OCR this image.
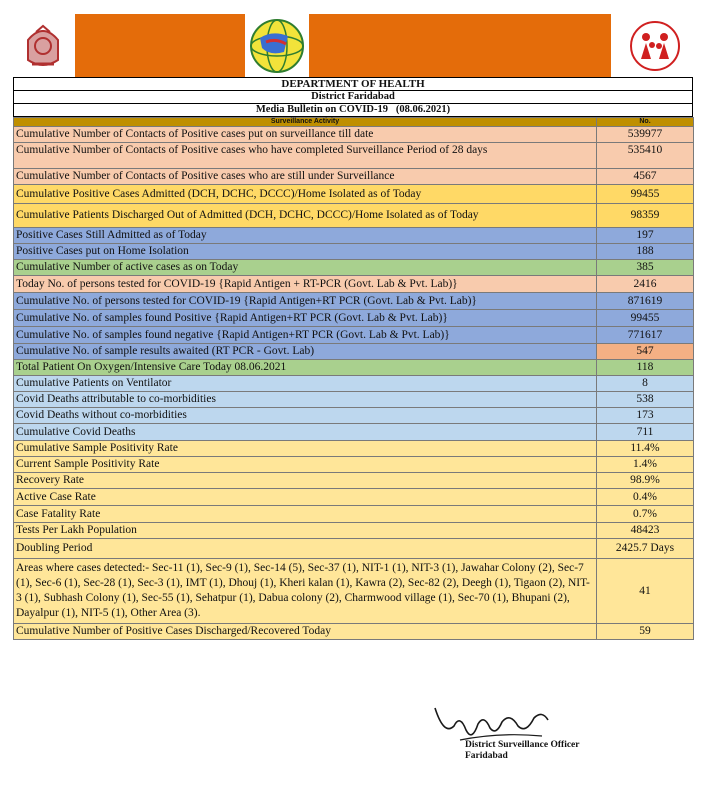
DEPARTMENT OF HEALTH
District Faridabad
Media Bulletin on COVID-19   (08.06.2021)
Surveillance Activity	No.
Cumulative Number of Contacts of Positive cases put on surveillance till date	539977
Cumulative Number of Contacts of Positive cases who have completed Surveillance Period of 28 days	535410
Cumulative Number of Contacts of Positive cases who are still under Surveillance	4567
Cumulative Positive Cases Admitted (DCH, DCHC, DCCC)/Home Isolated as of Today	99455
Cumulative Patients Discharged Out of Admitted (DCH, DCHC, DCCC)/Home Isolated as of Today	98359
Positive Cases Still Admitted as of Today	197
Positive Cases put on Home Isolation	188
Cumulative Number of active cases as on Today	385
Today No. of persons tested for COVID-19 {Rapid Antigen + RT-PCR (Govt. Lab & Pvt. Lab)}	2416
Cumulative No. of persons tested for COVID-19 {Rapid Antigen+RT PCR (Govt. Lab & Pvt. Lab)}	871619
Cumulative No. of samples found Positive {Rapid Antigen+RT PCR (Govt. Lab & Pvt. Lab)}	99455
Cumulative No. of samples found negative {Rapid Antigen+RT PCR (Govt. Lab & Pvt. Lab)}	771617
Cumulative No. of sample results awaited (RT PCR - Govt. Lab)	547
Total Patient On Oxygen/Intensive Care Today 08.06.2021	118
Cumulative Patients on Ventilator	8
Covid Deaths attributable to co-morbidities	538
Covid Deaths without co-morbidities	173
Cumulative Covid Deaths	711
Cumulative Sample Positivity Rate	11.4%
Current Sample Positivity Rate	1.4%
Recovery Rate	98.9%
Active Case Rate	0.4%
Case Fatality Rate	0.7%
Tests Per Lakh Population	48423
Doubling Period	2425.7 Days
Areas where cases detected:- Sec-11 (1), Sec-9 (1), Sec-14 (5), Sec-37 (1), NIT-1 (1), NIT-3 (1), Jawahar Colony (2), Sec-7 (1), Sec-6 (1), Sec-28 (1), Sec-3 (1), IMT (1), Dhouj (1), Kheri kalan (1), Kawra (2), Sec-82 (2), Deegh (1), Tigaon (2), NIT-3 (1), Subhash Colony (1), Sec-55 (1), Sehatpur (1), Dabua colony (2), Charmwood village (1), Sec-70 (1), Bhupani (2), Dayalpur (1), NIT-5 (1), Other Area (3).	41
Cumulative Number of Positive Cases Discharged/Recovered Today	59
District Surveillance Officer
Faridabad
